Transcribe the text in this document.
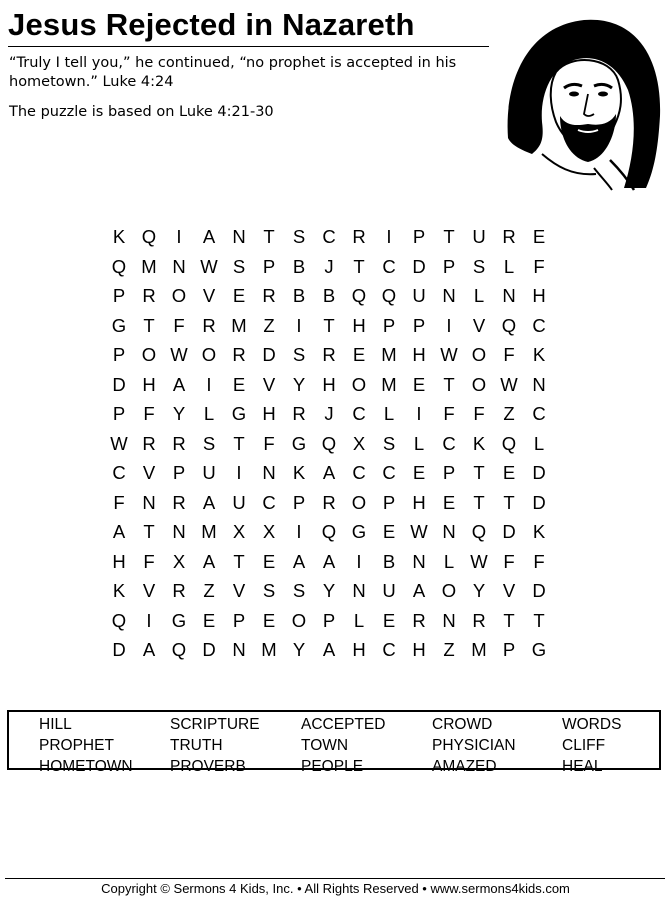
Jesus Rejected in Nazareth

“Truly I tell you,” he continued, “no prophet is accepted in his hometown.” Luke 4:24

The puzzle is based on Luke 4:21-30

K Q	I	A N T S C R	I	P T U R E
Q M N W S P B	J	T C D P S	L	F
P R O V E R B B Q Q U N L N H
G T	F R M Z	I	T H P P	I	V Q C
P O W O R D S R E M H W O F K
D H A	I	E V Y H O M E T O W N
P F Y	L G H R	J	C L	I	F	F	Z C
W R R S T	F G Q X S	L C K Q L
C V P U	I	N K A C C E P T E D
F N R A U C P R O P H E T	T D
A T N M X X	I	Q G E W N Q D K
H F X A T E A A	I	B N L W F	F
K V R Z V S S Y N U A O Y V D
Q	I	G E P E O P	L	E R N R T	T
D A Q D N M Y A H C H Z M P G
HILL	SCRIPTURE	ACCEPTED	CROWD	WORDS
PROPHET	TRUTH	TOWN	PHYSICIAN	CLIFF
HOMETOWN	PROVERB	PEOPLE	AMAZED	HEAL
Copyright © Sermons 4 Kids, Inc. • All Rights Reserved • www.sermons4kids.com
